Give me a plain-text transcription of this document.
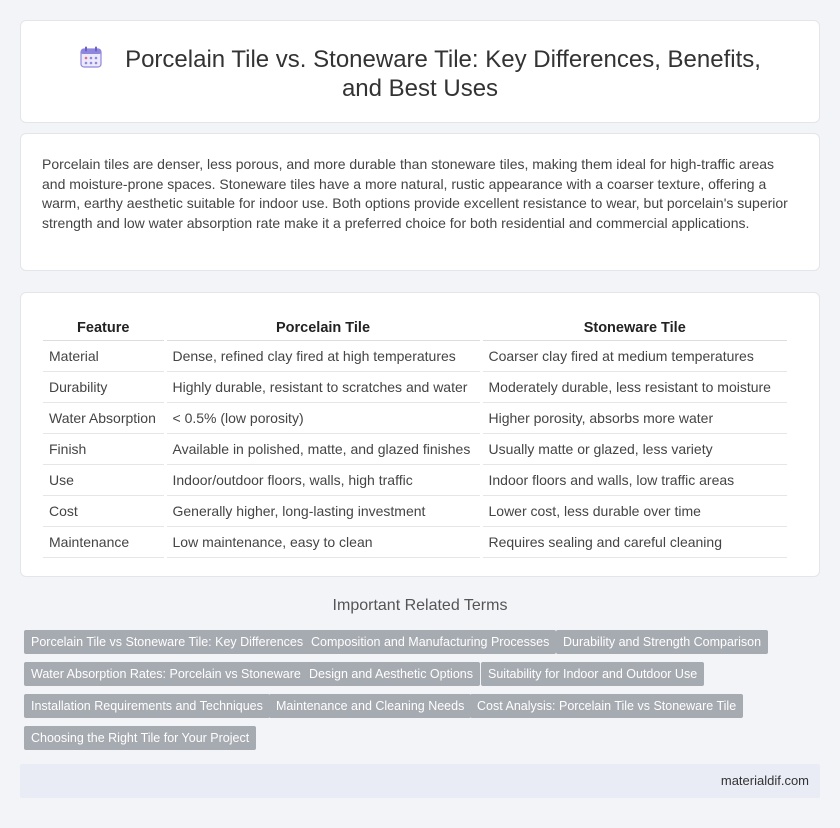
Porcelain Tile vs. Stoneware Tile: Key Differences, Benefits, and Best Uses

Porcelain tiles are denser, less porous, and more durable than stoneware tiles, making them ideal for high-traffic areas and moisture-prone spaces. Stoneware tiles have a more natural, rustic appearance with a coarser texture, offering a warm, earthy aesthetic suitable for indoor use. Both options provide excellent resistance to wear, but porcelain's superior strength and low water absorption rate make it a preferred choice for both residential and commercial applications.

Feature	Porcelain Tile	Stoneware Tile
Material	Dense, refined clay fired at high temperatures	Coarser clay fired at medium temperatures
Durability	Highly durable, resistant to scratches and water	Moderately durable, less resistant to moisture
Water Absorption	< 0.5% (low porosity)	Higher porosity, absorbs more water
Finish	Available in polished, matte, and glazed finishes	Usually matte or glazed, less variety
Use	Indoor/outdoor floors, walls, high traffic	Indoor floors and walls, low traffic areas
Cost	Generally higher, long-lasting investment	Lower cost, less durable over time
Maintenance	Low maintenance, easy to clean	Requires sealing and careful cleaning
Important Related Terms
Porcelain Tile vs Stoneware Tile: Key Differences Composition and Manufacturing Processes	Durability and Strength Comparison
Water Absorption Rates: Porcelain vs Stoneware Design and Aesthetic Options	Suitability for Indoor and Outdoor Use
Installation Requirements and Techniques	Maintenance and Cleaning Needs	Cost Analysis: Porcelain Tile vs Stoneware Tile
Choosing the Right Tile for Your Project
materialdif.com
